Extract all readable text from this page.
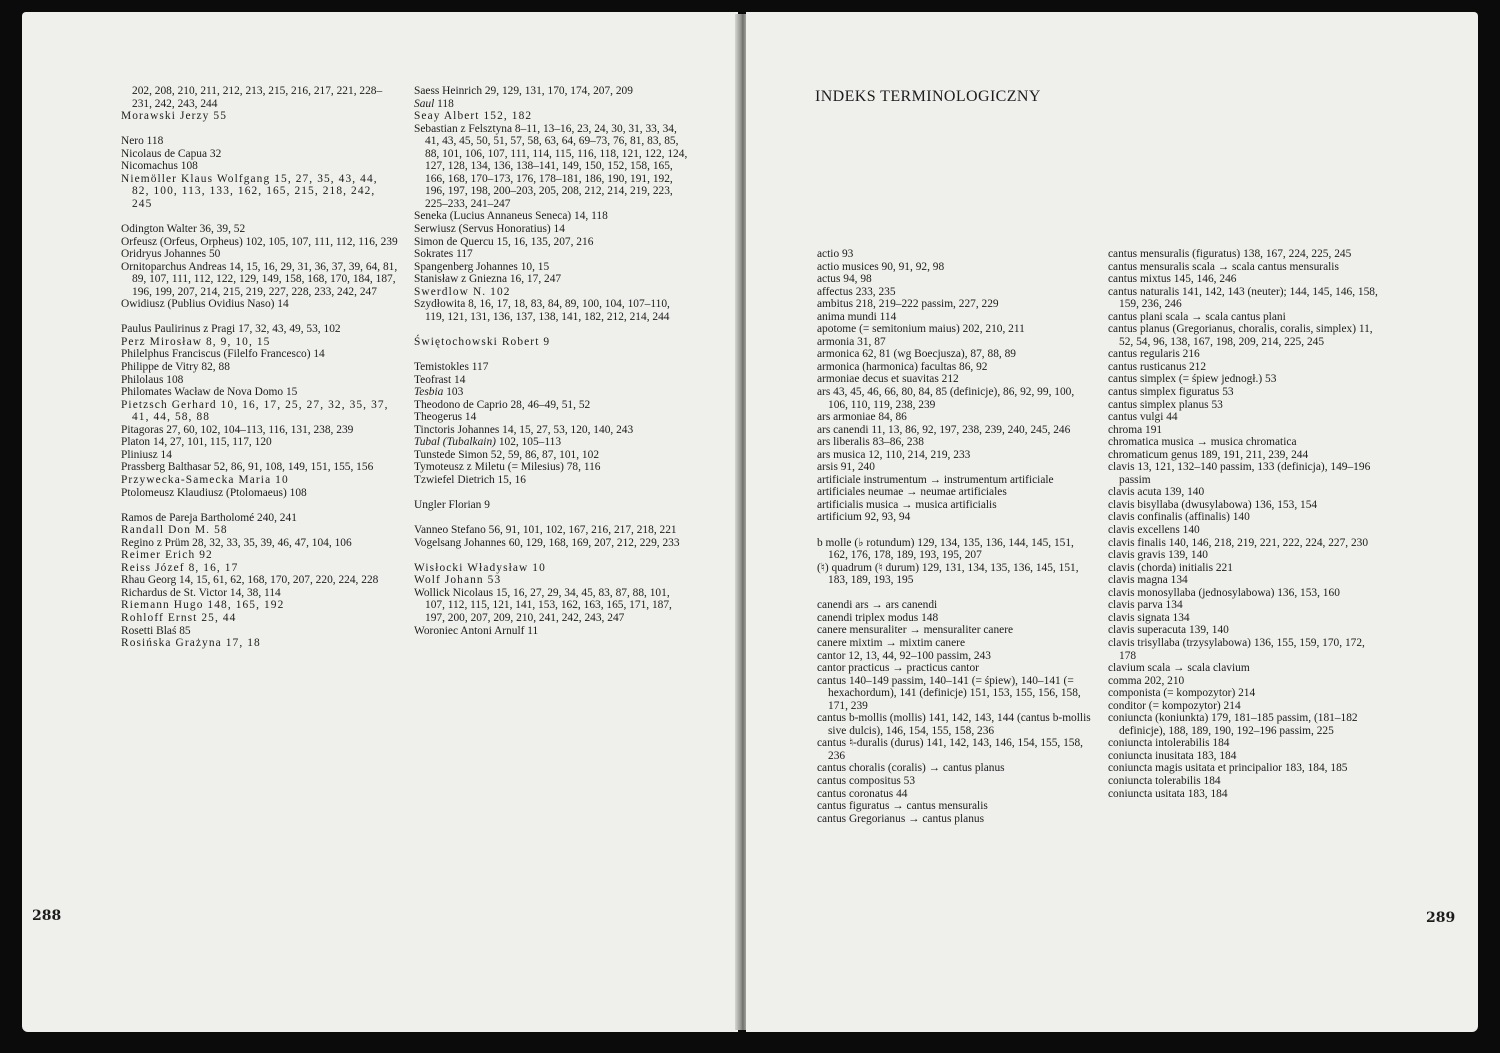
202, 208, 210, 211, 212, 213, 215, 216, 217, 221, 228–231, 242, 243, 244
Morawski Jerzy 55
Nero 118
Nicolaus de Capua 32
Nicomachus 108
Niemöller Klaus Wolfgang 15, 27, 35, 43, 44, 82, 100, 113, 133, 162, 165, 215, 218, 242, 245
Odington Walter 36, 39, 52
Orfeusz (Orfeus, Orpheus) 102, 105, 107, 111, 112, 116, 239
Oridryus Johannes 50
Ornitoparchus Andreas 14, 15, 16, 29, 31, 36, 37, 39, 64, 81, 89, 107, 111, 112, 122, 129, 149, 158, 168, 170, 184, 187, 196, 199, 207, 214, 215, 219, 227, 228, 233, 242, 247
Owidiusz (Publius Ovidius Naso) 14
Paulus Paulirinus z Pragi 17, 32, 43, 49, 53, 102
Perz Mirosław 8, 9, 10, 15
Philelphus Franciscus (Filelfo Francesco) 14
Philippe de Vitry 82, 88
Philolaus 108
Philomates Wacław de Nova Domo 15
Pietzsch Gerhard 10, 16, 17, 25, 27, 32, 35, 37, 41, 44, 58, 88
Pitagoras 27, 60, 102, 104–113, 116, 131, 238, 239
Platon 14, 27, 101, 115, 117, 120
Pliniusz 14
Prassberg Balthasar 52, 86, 91, 108, 149, 151, 155, 156
Przywecka-Samecka Maria 10
Ptolomeusz Klaudiusz (Ptolomaeus) 108
Ramos de Pareja Bartholomé 240, 241
Randall Don M. 58
Regino z Prüm 28, 32, 33, 35, 39, 46, 47, 104, 106
Reimer Erich 92
Reiss Józef 8, 16, 17
Rhau Georg 14, 15, 61, 62, 168, 170, 207, 220, 224, 228
Richardus de St. Victor 14, 38, 114
Riemann Hugo 148, 165, 192
Rohloff Ernst 25, 44
Rosetti Blaś 85
Rosińska Grażyna 17, 18
Saess Heinrich 29, 129, 131, 170, 174, 207, 209
Saul 118
Seay Albert 152, 182
Sebastian z Felsztyna 8–11, 13–16, 23, 24, 30, 31, 33, 34, 41, 43, 45, 50, 51, 57, 58, 63, 64, 69–73, 76, 81, 83, 85, 88, 101, 106, 107, 111, 114, 115, 116, 118, 121, 122, 124, 127, 128, 134, 136, 138–141, 149, 150, 152, 158, 165, 166, 168, 170–173, 176, 178–181, 186, 190, 191, 192, 196, 197, 198, 200–203, 205, 208, 212, 214, 219, 223, 225–233, 241–247
Seneka (Lucius Annaneus Seneca) 14, 118
Serwiusz (Servus Honoratius) 14
Simon de Quercu 15, 16, 135, 207, 216
Sokrates 117
Spangenberg Johannes 10, 15
Stanisław z Gniezna 16, 17, 247
Swerdlow N. 102
Szydłowita 8, 16, 17, 18, 83, 84, 89, 100, 104, 107–110, 119, 121, 131, 136, 137, 138, 141, 182, 212, 214, 244
Świętochowski Robert 9
Temistokles 117
Teofrast 14
Tesbia 103
Theodono de Caprio 28, 46–49, 51, 52
Theogerus 14
Tinctoris Johannes 14, 15, 27, 53, 120, 140, 243
Tubal (Tubalkain) 102, 105–113
Tunstede Simon 52, 59, 86, 87, 101, 102
Tymoteusz z Miletu (= Milesius) 78, 116
Tzwiefel Dietrich 15, 16
Ungler Florian 9
Vanneo Stefano 56, 91, 101, 102, 167, 216, 217, 218, 221
Vogelsang Johannes 60, 129, 168, 169, 207, 212, 229, 233
Wisłocki Władysław 10
Wolf Johann 53
Wollick Nicolaus 15, 16, 27, 29, 34, 45, 83, 87, 88, 101, 107, 112, 115, 121, 141, 153, 162, 163, 165, 171, 187, 197, 200, 207, 209, 210, 241, 242, 243, 247
Woroniec Antoni Arnulf 11
288
INDEKS TERMINOLOGICZNY
actio 93
actio musices 90, 91, 92, 98
actus 94, 98
affectus 233, 235
ambitus 218, 219–222 passim, 227, 229
anima mundi 114
apotome (= semitonium maius) 202, 210, 211
armonia 31, 87
armonica 62, 81 (wg Boecjusza), 87, 88, 89
armonica (harmonica) facultas 86, 92
armoniae decus et suavitas 212
ars 43, 45, 46, 66, 80, 84, 85 (definicje), 86, 92, 99, 100, 106, 110, 119, 238, 239
ars armoniae 84, 86
ars canendi 11, 13, 86, 92, 197, 238, 239, 240, 245, 246
ars liberalis 83–86, 238
ars musica 12, 110, 214, 219, 233
arsis 91, 240
artificiale instrumentum → instrumentum artificiale
artificiales neumae → neumae artificiales
artificialis musica → musica artificialis
artificium 92, 93, 94
b molle (♭ rotundum) 129, 134, 135, 136, 144, 145, 151, 162, 176, 178, 189, 193, 195, 207
(♮) quadrum (♮ durum) 129, 131, 134, 135, 136, 145, 151, 183, 189, 193, 195
canendi ars → ars canendi
canendi triplex modus 148
canere mensuraliter → mensuraliter canere
canere mixtim → mixtim canere
cantor 12, 13, 44, 92–100 passim, 243
cantor practicus → practicus cantor
cantus 140–149 passim, 140–141 (= śpiew), 140–141 (= hexachordum), 141 (definicje) 151, 153, 155, 156, 158, 171, 239
cantus b-mollis (mollis) 141, 142, 143, 144 (cantus b-mollis sive dulcis), 146, 154, 155, 158, 236
cantus ♮-duralis (durus) 141, 142, 143, 146, 154, 155, 158, 236
cantus choralis (coralis) → cantus planus
cantus compositus 53
cantus coronatus 44
cantus figuratus → cantus mensuralis
cantus Gregorianus → cantus planus
cantus mensuralis (figuratus) 138, 167, 224, 225, 245
cantus mensuralis scala → scala cantus mensuralis
cantus mixtus 145, 146, 246
cantus naturalis 141, 142, 143 (neuter); 144, 145, 146, 158, 159, 236, 246
cantus plani scala → scala cantus plani
cantus planus (Gregorianus, choralis, coralis, simplex) 11, 52, 54, 96, 138, 167, 198, 209, 214, 225, 245
cantus regularis 216
cantus rusticanus 212
cantus simplex (= śpiew jednogł.) 53
cantus simplex figuratus 53
cantus simplex planus 53
cantus vulgi 44
chroma 191
chromatica musica → musica chromatica
chromaticum genus 189, 191, 211, 239, 244
clavis 13, 121, 132–140 passim, 133 (definicja), 149–196 passim
clavis acuta 139, 140
clavis bisyllaba (dwusylabowa) 136, 153, 154
clavis confinalis (affinalis) 140
clavis excellens 140
clavis finalis 140, 146, 218, 219, 221, 222, 224, 227, 230
clavis gravis 139, 140
clavis (chorda) initialis 221
clavis magna 134
clavis monosyllaba (jednosylabowa) 136, 153, 160
clavis parva 134
clavis signata 134
clavis superacuta 139, 140
clavis trisyllaba (trzysylabowa) 136, 155, 159, 170, 172, 178
clavium scala → scala clavium
comma 202, 210
componista (= kompozytor) 214
conditor (= kompozytor) 214
coniuncta (koniunkta) 179, 181–185 passim, (181–182 definicje), 188, 189, 190, 192–196 passim, 225
coniuncta intolerabilis 184
coniuncta inusitata 183, 184
coniuncta magis usitata et principalior 183, 184, 185
coniuncta tolerabilis 184
coniuncta usitata 183, 184
289
